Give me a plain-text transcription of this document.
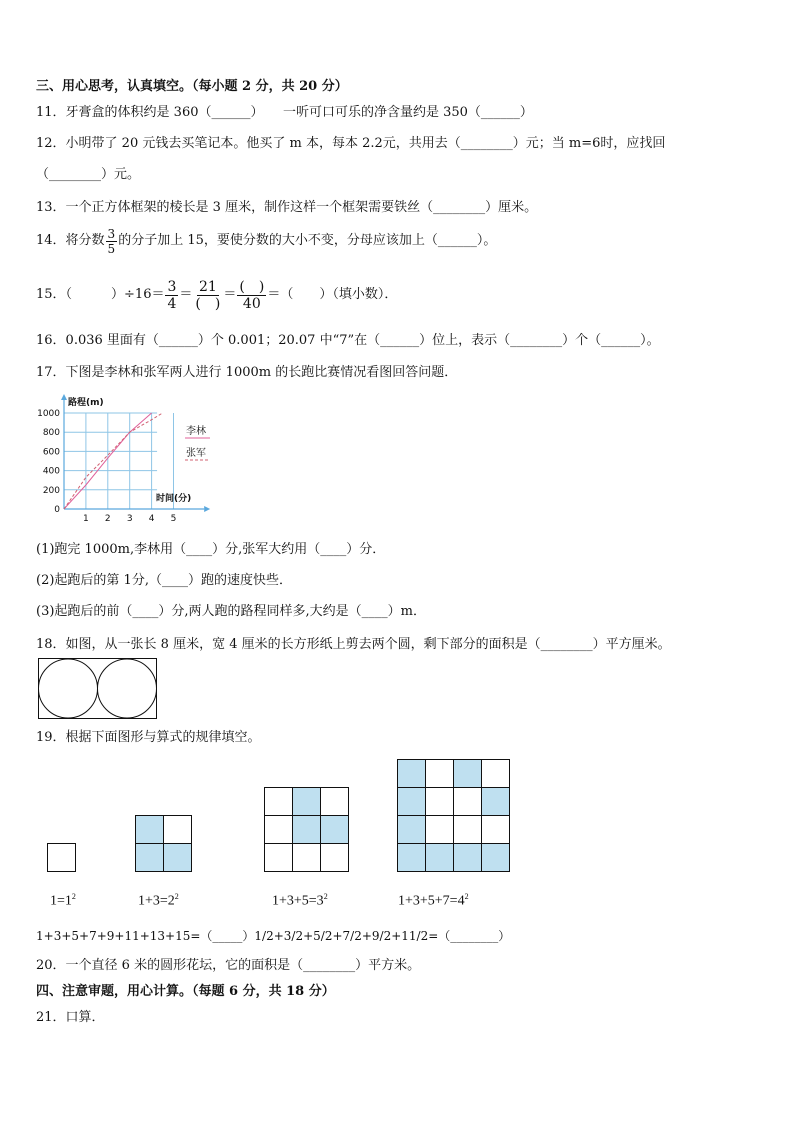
三、用心思考，认真填空。（每小题 2 分，共 20 分）
11．牙膏盒的体积约是 360（______）　　一听可口可乐的净含量约是 350（______）
12．小明带了 20 元钱去买笔记本。他买了 m 本，每本 2.2元，共用去（________）元；当 m=6时，应找回
（________）元。
13．一个正方体框架的棱长是 3 厘米，制作这样一个框架需要铁丝（________）厘米。
14．将分数 $\frac{3}{5}$ 的分子加上 15，要使分数的大小不变，分母应该加上（______）。
15．（　　　）$\div 16= \frac{3}{4} = \frac{21}{( )} = \frac{( )}{40}$ ＝（　　）（填小数）．
16．0.036 里面有（______）个 0.001；20.07 中“7”在（______）位上，表示（________）个（______）。
17．下图是李林和张军两人进行 1000m 的长跑比赛情况看图回答问题．
1 2 3 4 5
0
200
400
600
800
1000
路程(m)
时间(分)
李林
张军
(1)跑完 1000m,李林用（____）分,张军大约用（____）分．
(2)起跑后的第 1分,（____）跑的速度快些．
(3)起跑后的前（____）分,两人跑的路程同样多,大约是（____）m．
18．如图，从一张长 8 厘米，宽 4 厘米的长方形纸上剪去两个圆，剩下部分的面积是（________）平方厘米。
19．根据下面图形与算式的规律填空。
$1=1^2$	$1+3=2^2$	$1+3+5=3^2$	$1+3+5+7=4^2$
1+3+5+7+9+11+13+15=（_____）1/2+3/2+5/2+7/2+9/2+11/2=（________）
20．一个直径 6 米的圆形花坛，它的面积是（________）平方米。
四、注意审题，用心计算。（每题 6 分，共 18 分）
21．口算．
